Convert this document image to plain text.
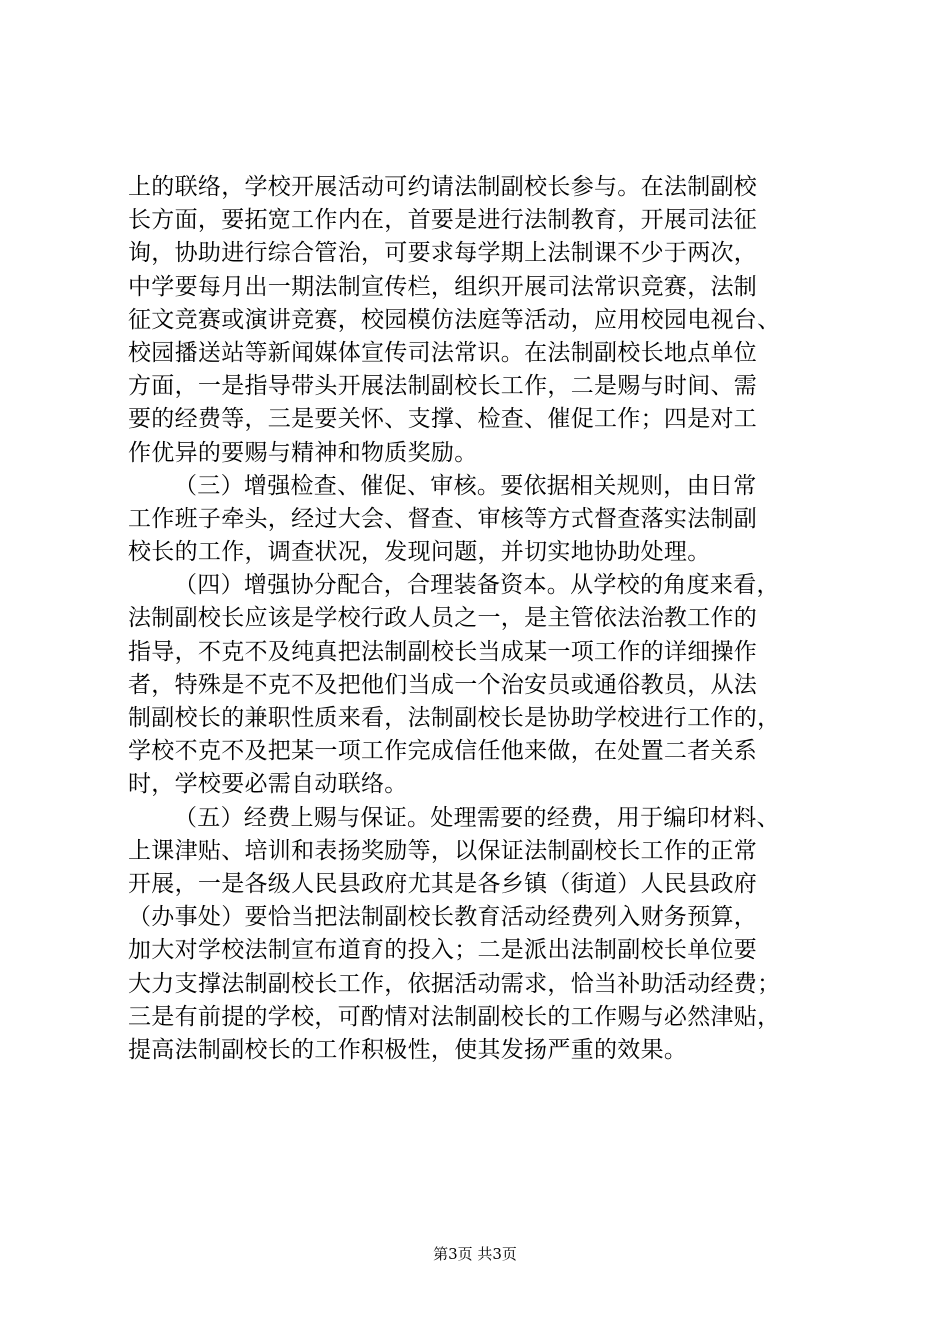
上的联络，学校开展活动可约请法制副校长参与。在法制副校
长方面，要拓宽工作内在，首要是进行法制教育，开展司法征
询，协助进行综合管治，可要求每学期上法制课不少于两次，
中学要每月出一期法制宣传栏，组织开展司法常识竞赛，法制
征文竞赛或演讲竞赛，校园模仿法庭等活动，应用校园电视台、
校园播送站等新闻媒体宣传司法常识。在法制副校长地点单位
方面，一是指导带头开展法制副校长工作，二是赐与时间、需
要的经费等，三是要关怀、支撑、检查、催促工作；四是对工
作优异的要赐与精神和物质奖励。
（三）增强检查、催促、审核。要依据相关规则，由日常
工作班子牵头，经过大会、督查、审核等方式督查落实法制副
校长的工作，调查状况，发现问题，并切实地协助处理。
（四）增强协分配合，合理装备资本。从学校的角度来看，
法制副校长应该是学校行政人员之一，是主管依法治教工作的
指导，不克不及纯真把法制副校长当成某一项工作的详细操作
者，特殊是不克不及把他们当成一个治安员或通俗教员，从法
制副校长的兼职性质来看，法制副校长是协助学校进行工作的，
学校不克不及把某一项工作完成信任他来做，在处置二者关系
时，学校要必需自动联络。
（五）经费上赐与保证。处理需要的经费，用于编印材料、
上课津贴、培训和表扬奖励等，以保证法制副校长工作的正常
开展，一是各级人民县政府尤其是各乡镇（街道）人民县政府
（办事处）要恰当把法制副校长教育活动经费列入财务预算，
加大对学校法制宣布道育的投入；二是派出法制副校长单位要
大力支撑法制副校长工作，依据活动需求，恰当补助活动经费；
三是有前提的学校，可酌情对法制副校长的工作赐与必然津贴，
提高法制副校长的工作积极性，使其发扬严重的效果。
第3页 共3页
